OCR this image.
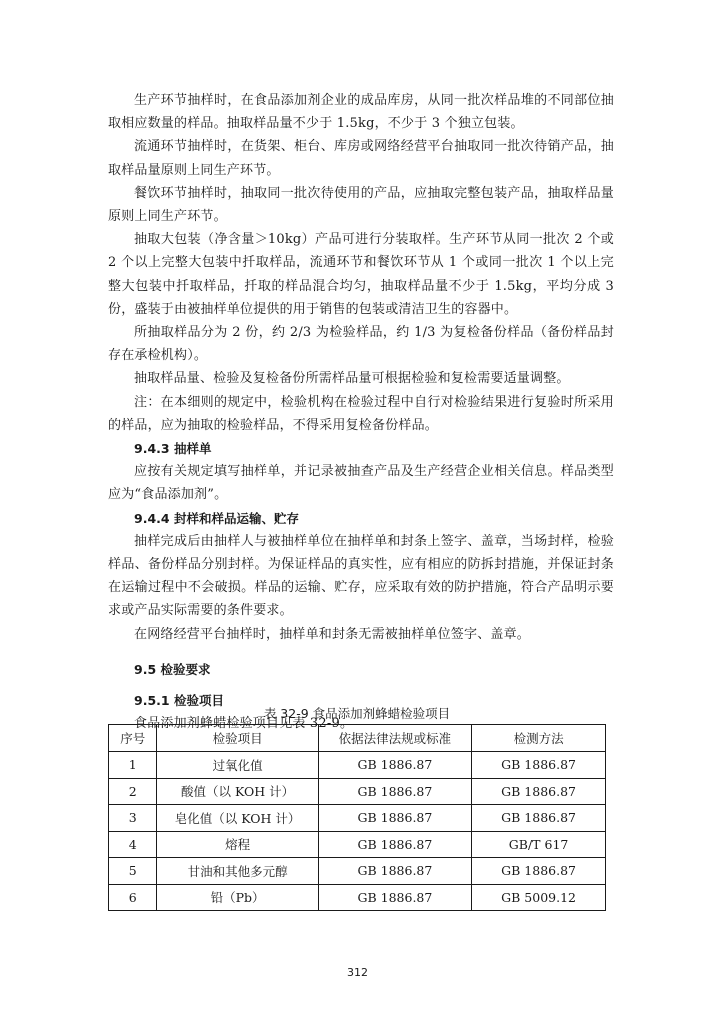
生产环节抽样时，在食品添加剂企业的成品库房，从同一批次样品堆的不同部位抽取相应数量的样品。抽取样品量不少于 1.5kg，不少于 3 个独立包装。

流通环节抽样时，在货架、柜台、库房或网络经营平台抽取同一批次待销产品，抽取样品量原则上同生产环节。

餐饮环节抽样时，抽取同一批次待使用的产品，应抽取完整包装产品，抽取样品量原则上同生产环节。

抽取大包装（净含量＞10kg）产品可进行分装取样。生产环节从同一批次 2 个或 2 个以上完整大包装中扦取样品，流通环节和餐饮环节从 1 个或同一批次 1 个以上完整大包装中扦取样品，扦取的样品混合均匀，抽取样品量不少于 1.5kg，平均分成 3 份，盛装于由被抽样单位提供的用于销售的包装或清洁卫生的容器中。

所抽取样品分为 2 份，约 2/3 为检验样品，约 1/3 为复检备份样品（备份样品封存在承检机构）。

抽取样品量、检验及复检备份所需样品量可根据检验和复检需要适量调整。

注：在本细则的规定中，检验机构在检验过程中自行对检验结果进行复验时所采用的样品，应为抽取的检验样品，不得采用复检备份样品。

9.4.3 抽样单

应按有关规定填写抽样单，并记录被抽查产品及生产经营企业相关信息。样品类型应为“食品添加剂”。

9.4.4 封样和样品运输、贮存

抽样完成后由抽样人与被抽样单位在抽样单和封条上签字、盖章，当场封样，检验样品、备份样品分别封样。为保证样品的真实性，应有相应的防拆封措施，并保证封条在运输过程中不会破损。样品的运输、贮存，应采取有效的防护措施，符合产品明示要求或产品实际需要的条件要求。

在网络经营平台抽样时，抽样单和封条无需被抽样单位签字、盖章。

9.5 检验要求

9.5.1 检验项目

食品添加剂蜂蜡检验项目见表 32-9。

表 32-9 食品添加剂蜂蜡检验项目
序号	检验项目	依据法律法规或标准	检测方法
1	过氧化值	GB 1886.87	GB 1886.87
2	酸值（以 KOH 计）	GB 1886.87	GB 1886.87
3	皂化值（以 KOH 计）	GB 1886.87	GB 1886.87
4	熔程	GB 1886.87	GB/T 617
5	甘油和其他多元醇	GB 1886.87	GB 1886.87
6	铅（Pb）	GB 1886.87	GB 5009.12
312
